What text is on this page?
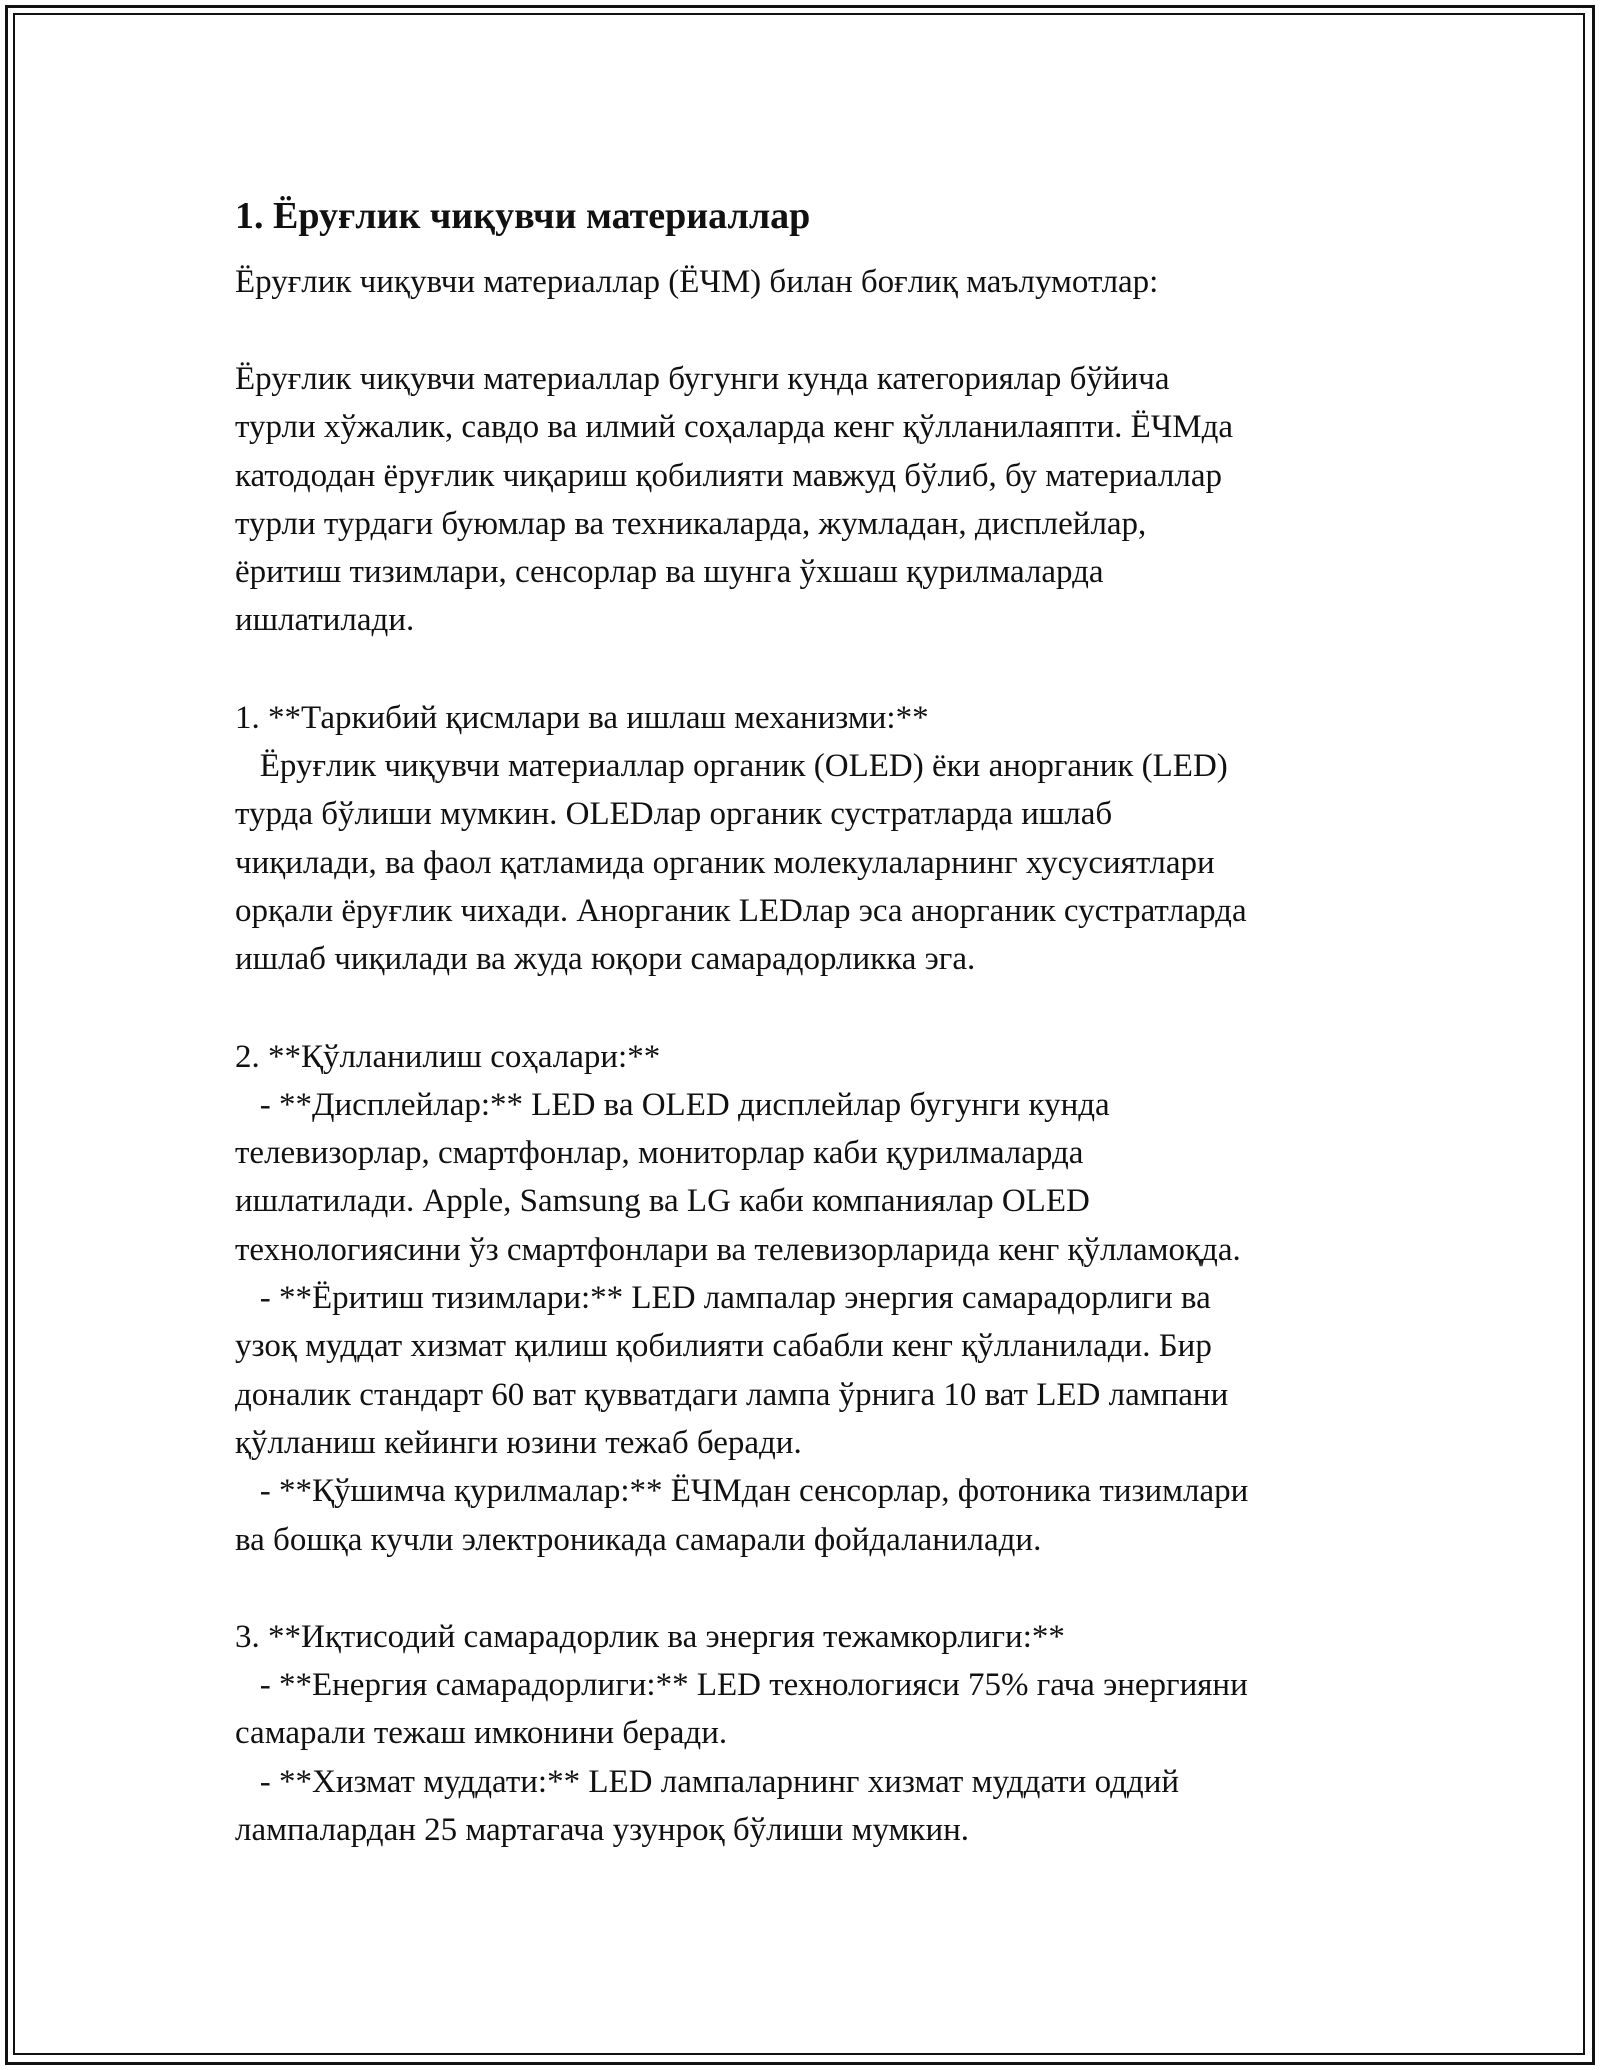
1. Ёруғлик чиқувчи материаллар

Ёруғлик чиқувчи материаллар (ЁЧМ) билан боғлиқ маълумотлар:

Ёруғлик чиқувчи материаллар бугунги кунда категориялар бўйича
турли хўжалик, савдо ва илмий соҳаларда кенг қўлланилаяпти. ЁЧМда
катододан ёруғлик чиқариш қобилияти мавжуд бўлиб, бу материаллар
турли турдаги буюмлар ва техникаларда, жумладан, дисплейлар,
ёритиш тизимлари, сенсорлар ва шунга ўхшаш қурилмаларда
ишлатилади.
1. **Таркибий қисмлари ва ишлаш механизми:**
Ёруғлик чиқувчи материаллар органик (OLED) ёки анорганик (LED)
турда бўлиши мумкин. OLEDлар органик сустратларда ишлаб
чиқилади, ва фаол қатламида органик молекулаларнинг хусусиятлари
орқали ёруғлик чихади. Анорганик LEDлар эса анорганик сустратларда
ишлаб чиқилади ва жуда юқори самарадорликка эга.
2. **Қўлланилиш соҳалари:**
- **Дисплейлар:** LED ва OLED дисплейлар бугунги кунда
телевизорлар, смартфонлар, мониторлар каби қурилмаларда
ишлатилади. Apple, Samsung ва LG каби компаниялар OLED
технологиясини ўз смартфонлари ва телевизорларида кенг қўлламоқда.
- **Ёритиш тизимлари:** LED лампалар энергия самарадорлиги ва
узоқ муддат хизмат қилиш қобилияти сабабли кенг қўлланилади. Бир
доналик стандарт 60 ват қувватдаги лампа ўрнига 10 ват LED лампани
қўлланиш кейинги юзини тежаб беради.
- **Қўшимча қурилмалар:** ЁЧМдан сенсорлар, фотоника тизимлари
ва бошқа кучли электроникада самарали фойдаланилади.
3. **Иқтисодий самарадорлик ва энергия тежамкорлиги:**
- **Енергия самарадорлиги:** LED технологияси 75% гача энергияни
самарали тежаш имконини беради.
- **Хизмат муддати:** LED лампаларнинг хизмат муддати оддий
лампалардан 25 мартагача узунроқ бўлиши мумкин.
